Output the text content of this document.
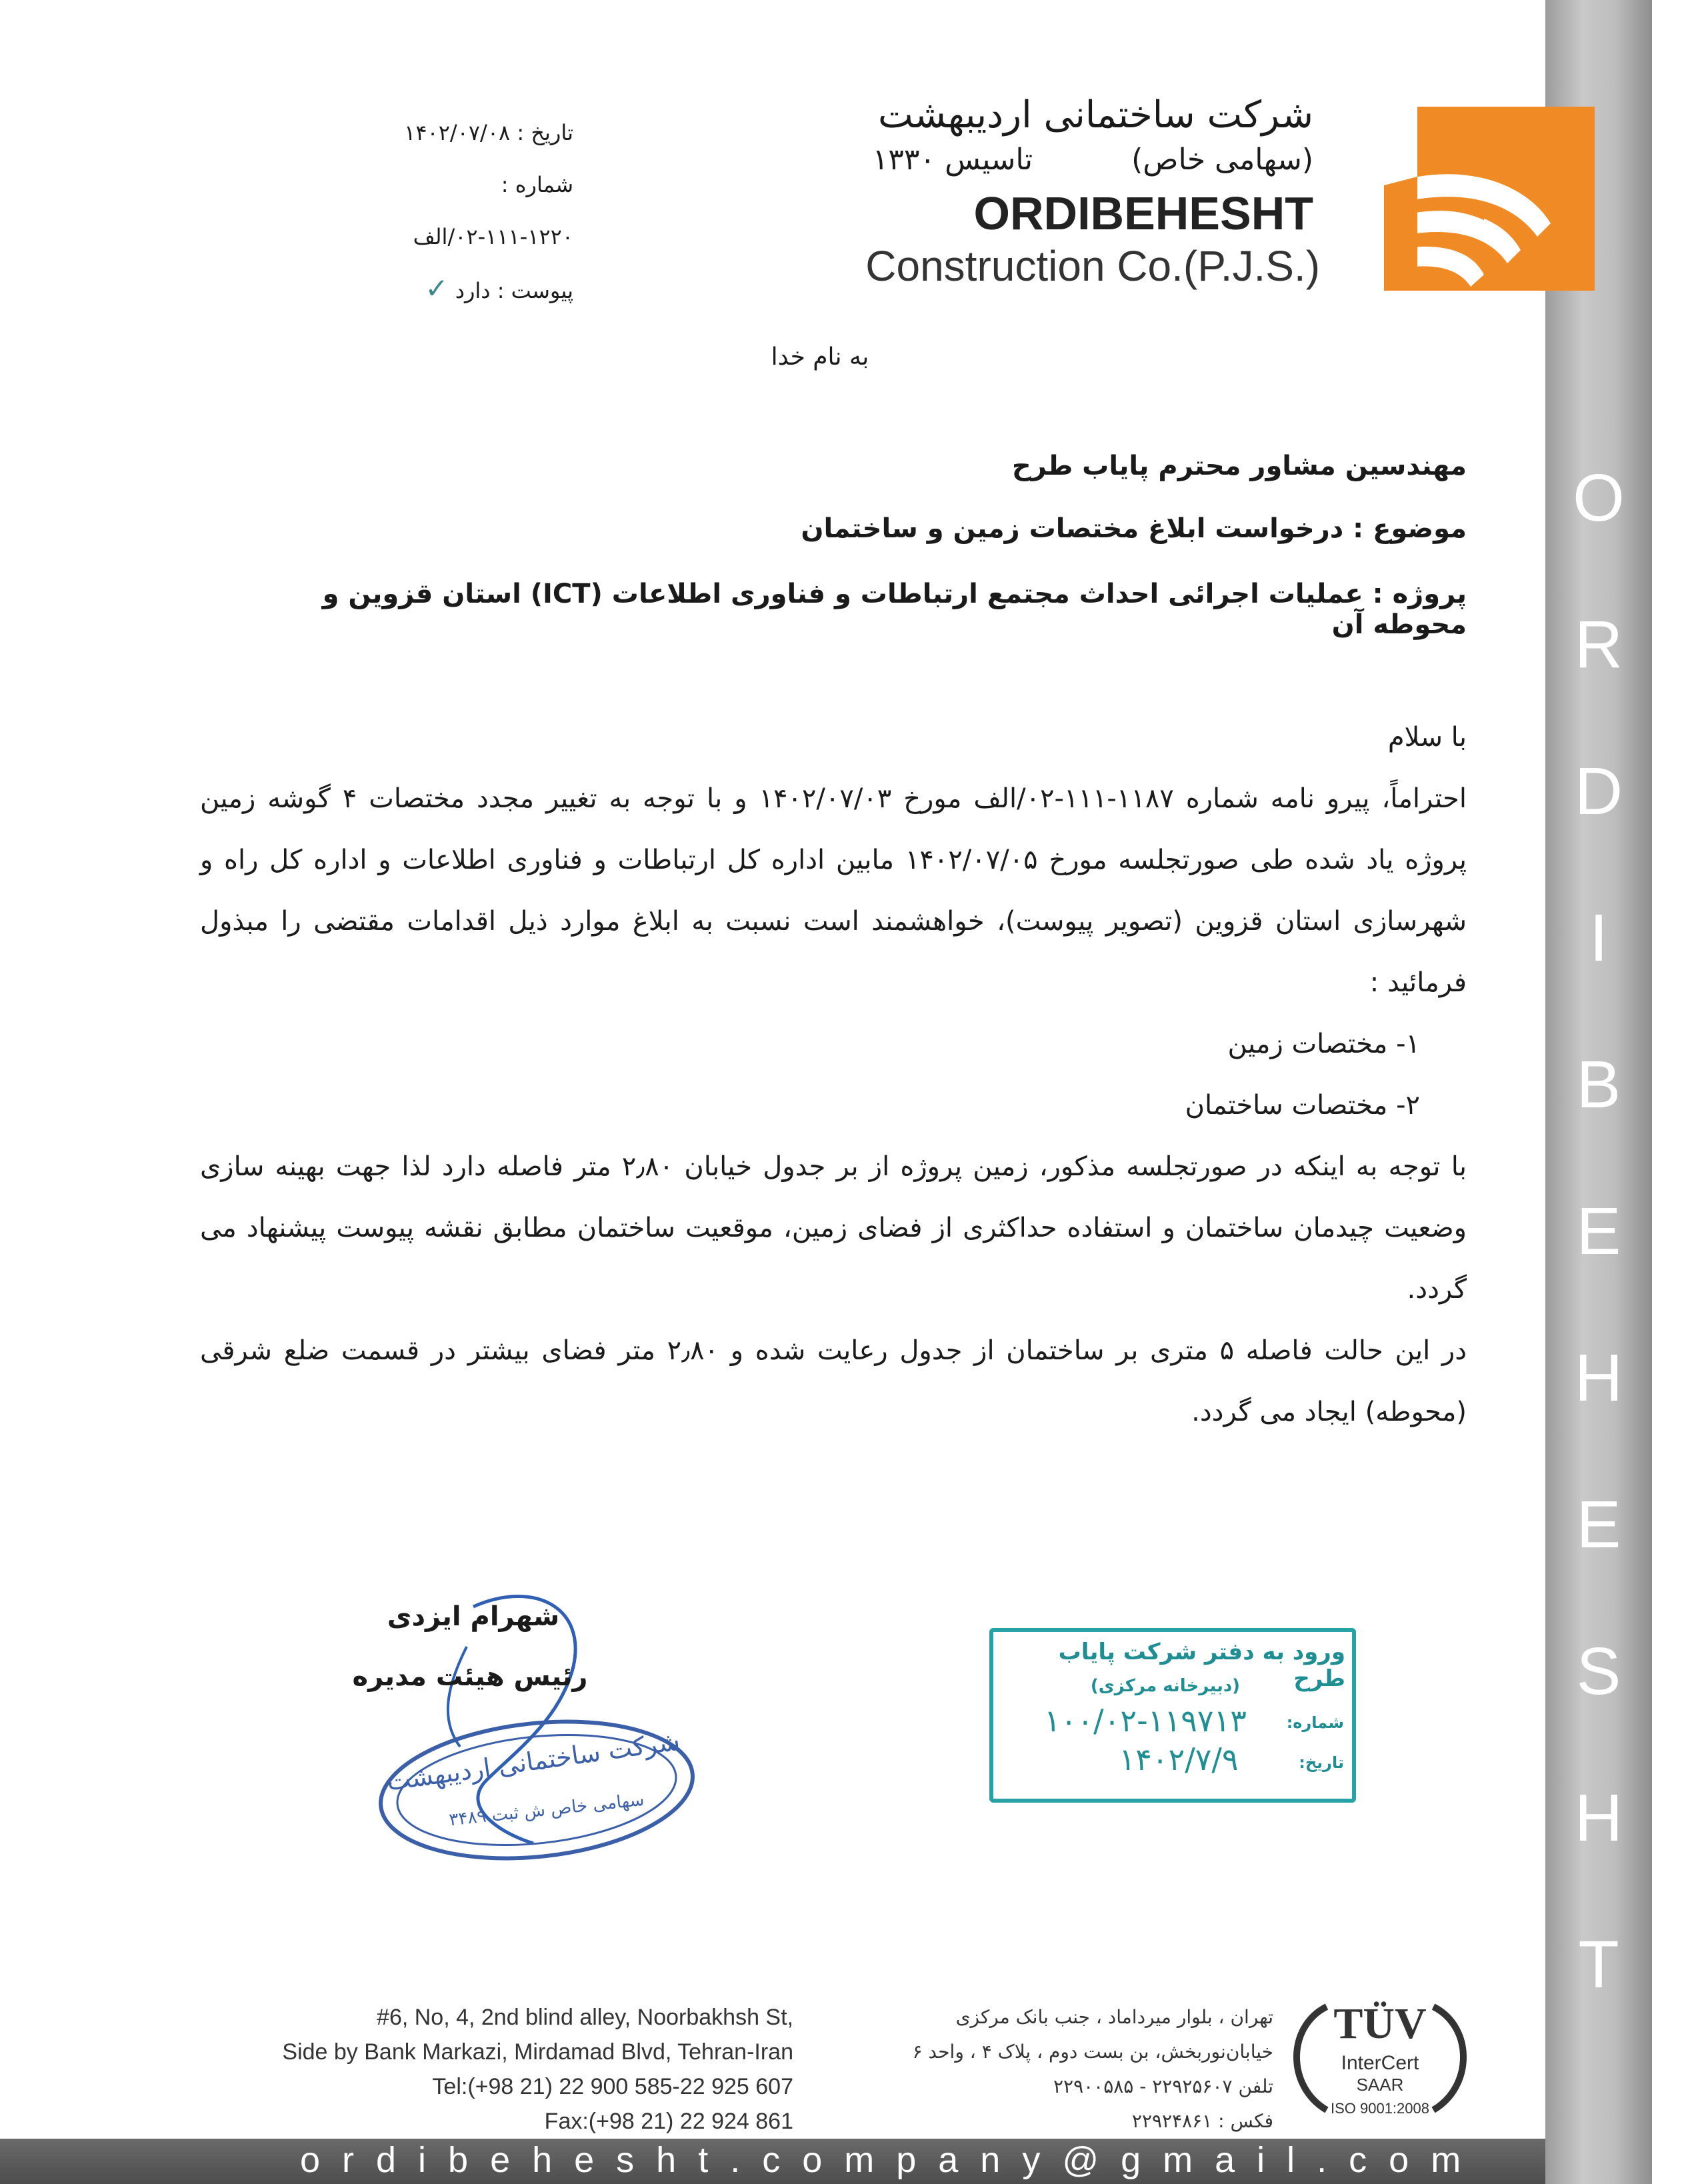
O
R
D
I
B
E
H
E
S
H
T
شرکت ساختمانی اردیبهشت
(سهامی خاص)  تاسیس ۱۳۳۰
ORDIBEHESHT
Construction Co.(P.J.S.)
تاریخ : ۱۴۰۲/۰۷/۰۸
شماره : ۱۲۲۰-۱۱۱-۰۲/الف
پیوست : دارد ✓
به نام خدا
مهندسین مشاور محترم پایاب طرح
موضوع : درخواست ابلاغ مختصات زمین و ساختمان
پروژه : عملیات اجرائی احداث مجتمع ارتباطات و فناوری اطلاعات (ICT) استان قزوین و محوطه آن

با سلام

احتراماً، پیرو نامه شماره ۱۱۸۷-۱۱۱-۰۲/الف مورخ ۱۴۰۲/۰۷/۰۳ و با توجه به تغییر مجدد مختصات ۴ گوشه زمین پروژه یاد شده طی صورتجلسه مورخ ۱۴۰۲/۰۷/۰۵ مابین اداره کل ارتباطات و فناوری اطلاعات و اداره کل راه و شهرسازی استان قزوین (تصویر پیوست)، خواهشمند است نسبت به ابلاغ موارد ذیل اقدامات مقتضی را مبذول فرمائید :

۱- مختصات زمین

۲- مختصات ساختمان

با توجه به اینکه در صورتجلسه مذکور، زمین پروژه از بر جدول خیابان ۲٫۸۰ متر فاصله دارد لذا جهت بهینه سازی وضعیت چیدمان ساختمان و استفاده حداکثری از فضای زمین، موقعیت ساختمان مطابق نقشه پیوست پیشنهاد می گردد.

در این حالت فاصله ۵ متری بر ساختمان از جدول رعایت شده و ۲٫۸۰ متر فضای بیشتر در قسمت ضلع شرقی (محوطه) ایجاد می گردد.

شرکت ساختمانی اردیبهشت
سهامی خاص ش ثبت ۳۴۸۹
شهرام ایزدی
رئیس هیئت مدیره
ورود به دفتر شرکت پایاب طرح
(دبیرخانه مرکزی)
شماره:
۱۰۰/۰۲-۱۱۹۷۱۳
تاریخ:
۱۴۰۲/۷/۹
#6, No, 4, 2nd blind alley, Noorbakhsh St,
Side by Bank Markazi, Mirdamad Blvd, Tehran-Iran
Tel:(+98 21) 22 900 585-22 925 607
Fax:(+98 21) 22 924 861
تهران ، بلوار میرداماد ، جنب بانک مرکزی
خیابان‌نوربخش، بن بست دوم ، پلاک ۴ ، واحد ۶
تلفن ۲۲۹۲۵۶۰۷ - ۲۲۹۰۰۵۸۵
فکس : ۲۲۹۲۴۸۶۱
TÜV
InterCert
SAAR
ISO 9001:2008
ordibehesht.company@gmail.com
